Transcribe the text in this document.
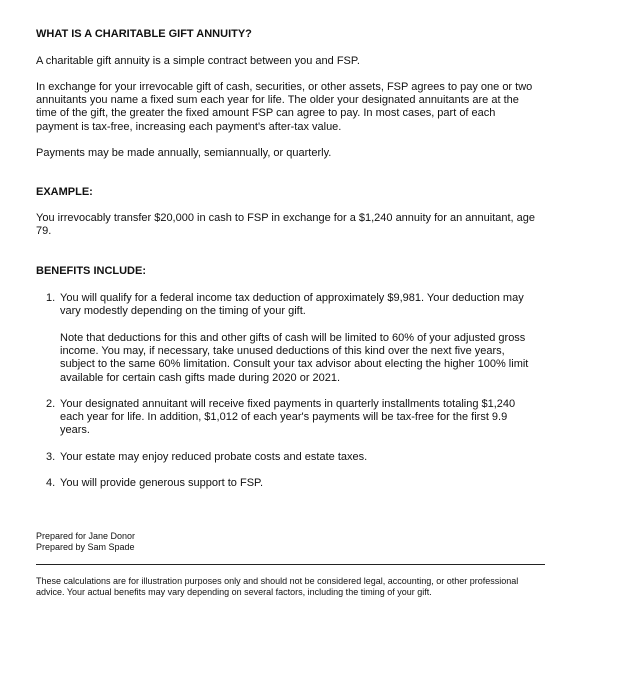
WHAT IS A CHARITABLE GIFT ANNUITY?
A charitable gift annuity is a simple contract between you and FSP.
In exchange for your irrevocable gift of cash, securities, or other assets, FSP agrees to pay one or two annuitants you name a fixed sum each year for life. The older your designated annuitants are at the time of the gift, the greater the fixed amount FSP can agree to pay. In most cases, part of each payment is tax-free, increasing each payment's after-tax value.
Payments may be made annually, semiannually, or quarterly.
EXAMPLE:
You irrevocably transfer $20,000 in cash to FSP in exchange for a $1,240 annuity for an annuitant, age 79.
BENEFITS INCLUDE:
1. You will qualify for a federal income tax deduction of approximately $9,981. Your deduction may vary modestly depending on the timing of your gift.
Note that deductions for this and other gifts of cash will be limited to 60% of your adjusted gross income. You may, if necessary, take unused deductions of this kind over the next five years, subject to the same 60% limitation. Consult your tax advisor about electing the higher 100% limit available for certain cash gifts made during 2020 or 2021.
2. Your designated annuitant will receive fixed payments in quarterly installments totaling $1,240 each year for life. In addition, $1,012 of each year's payments will be tax-free for the first 9.9 years.
3. Your estate may enjoy reduced probate costs and estate taxes.
4. You will provide generous support to FSP.
Prepared for Jane Donor
Prepared by Sam Spade
These calculations are for illustration purposes only and should not be considered legal, accounting, or other professional advice. Your actual benefits may vary depending on several factors, including the timing of your gift.
